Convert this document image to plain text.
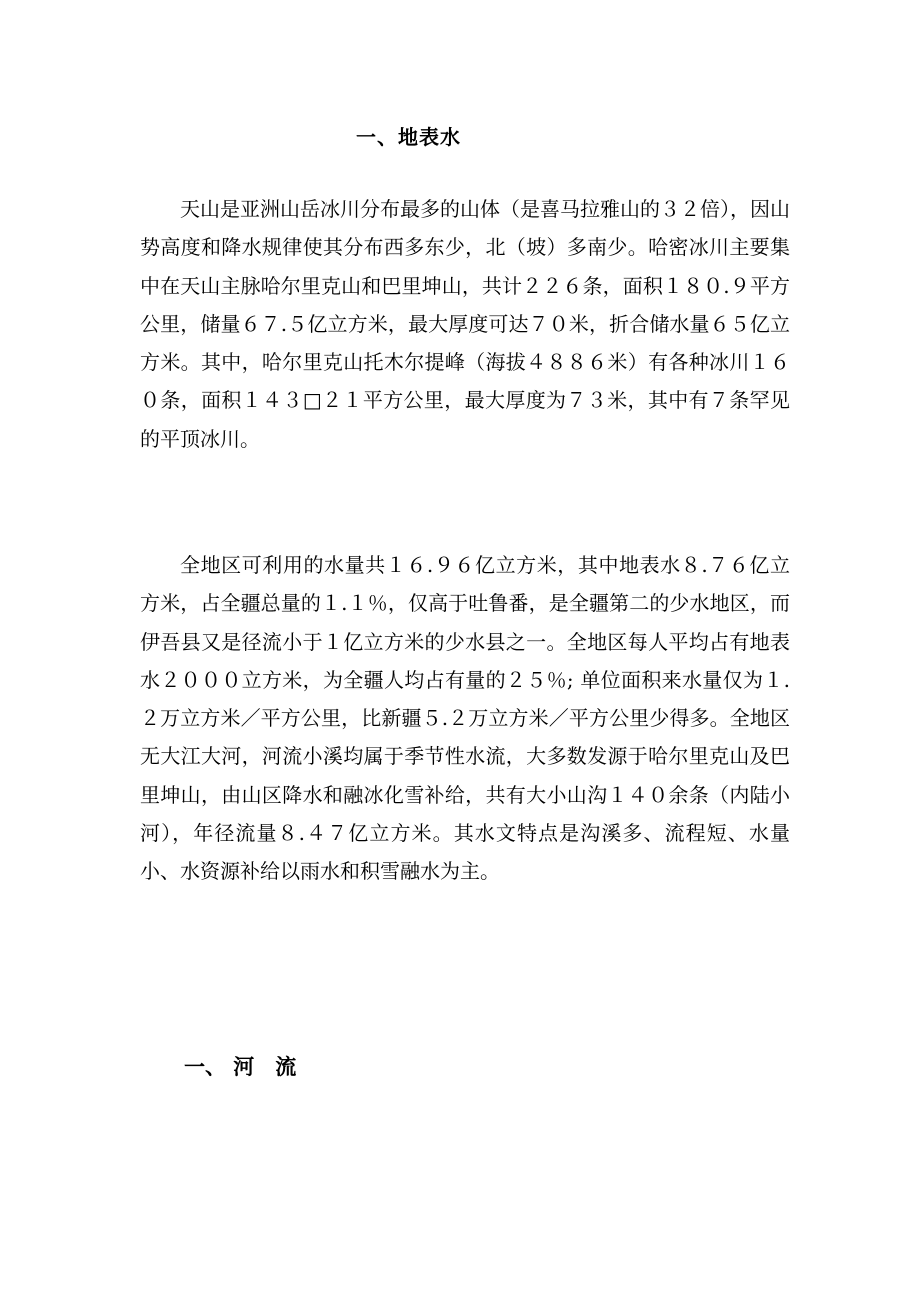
一、地表水

天山是亚洲山岳冰川分布最多的山体（是喜马拉雅山的３２倍），因山势高度和降水规律使其分布西多东少，北（坡）多南少。哈密冰川主要集中在天山主脉哈尔里克山和巴里坤山，共计２２６条，面积１８０.９平方公里，储量６７.５亿立方米，最大厚度可达７０米，折合储水量６５亿立方米。其中，哈尔里克山托木尔提峰（海拔４８８６米）有各种冰川１６０条，面积１４３□２１平方公里，最大厚度为７３米，其中有７条罕见的平顶冰川。

全地区可利用的水量共１６.９６亿立方米，其中地表水８.７６亿立方米，占全疆总量的１.１％，仅高于吐鲁番，是全疆第二的少水地区，而伊吾县又是径流小于１亿立方米的少水县之一。全地区每人平均占有地表水２０００立方米，为全疆人均占有量的２５％; 单位面积来水量仅为１.２万立方米／平方公里，比新疆５.２万立方米／平方公里少得多。全地区无大江大河，河流小溪均属于季节性水流，大多数发源于哈尔里克山及巴里坤山，由山区降水和融冰化雪补给，共有大小山沟１４０余条（内陆小河），年径流量８.４７亿立方米。其水文特点是沟溪多、流程短、水量小、水资源补给以雨水和积雪融水为主。

一、 河　流
